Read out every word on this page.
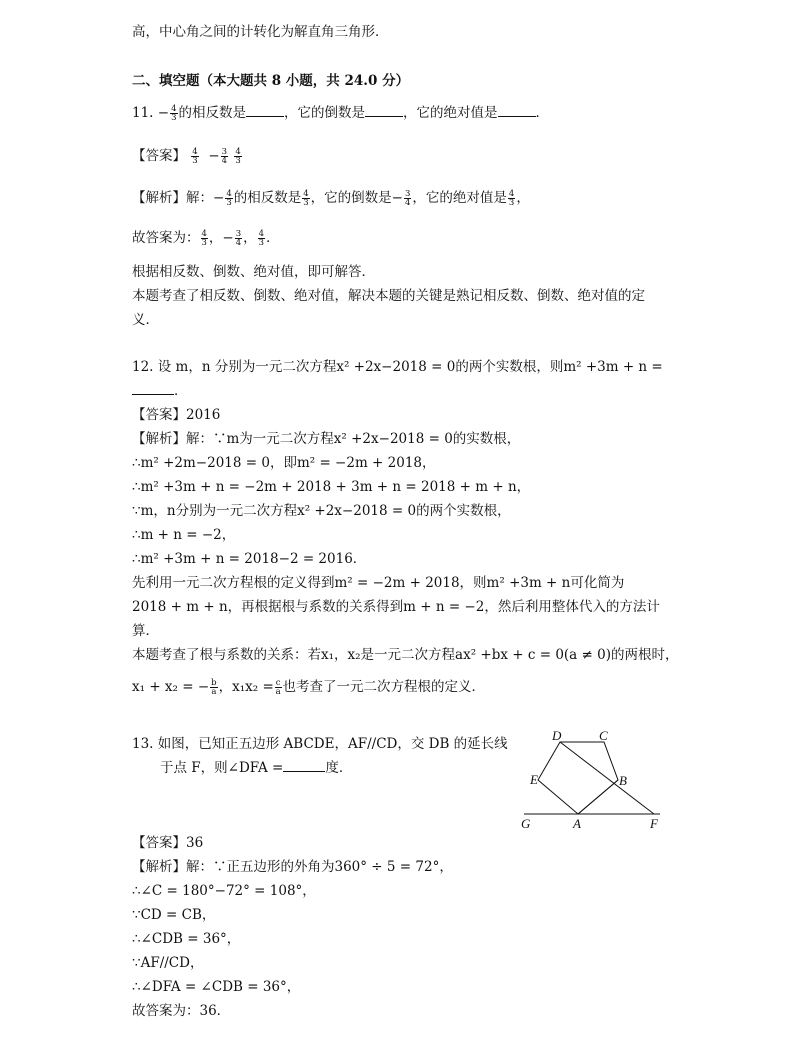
高，中心角之间的计转化为解直角三角形．
二、填空题（本大题共 8 小题，共 24.0 分）
11. − $\frac{4}{3}$ 的相反数是	，它的倒数是	，它的绝对值是	．
【答案】 $\frac{4}{3} - \frac{3}{4}$
$\frac{4}{3}$
【解析】解：− $\frac{4}{3}$ 的相反数是 $\frac{4}{3}$ ，它的倒数是− $\frac{3}{4}$ ，它的绝对值是 $\frac{4}{3}$ ，
故答案为： $\frac{4}{3}$ ，− $\frac{3}{4}$ ， $\frac{4}{3}$ ．
根据相反数、倒数、绝对值，即可解答．
本题考查了相反数、倒数、绝对值，解决本题的关键是熟记相反数、倒数、绝对值的定
义．
12. 设 m，n 分别为一元二次方程x² +2x−2018 = 0的两个实数根，则m² +3m + n =
．
【答案】2016
【解析】解：∵m为一元二次方程x² +2x−2018 = 0的实数根，
∴m² +2m−2018 = 0，即m² = −2m + 2018，
∴m² +3m + n = −2m + 2018 + 3m + n = 2018 + m + n，
∵m，n分别为一元二次方程x² +2x−2018 = 0的两个实数根，
∴m + n = −2，
∴m² +3m + n = 2018−2 = 2016．
先利用一元二次方程根的定义得到m² = −2m + 2018，则m² +3m + n可化简为
2018 + m + n，再根据根与系数的关系得到m + n = −2，然后利用整体代入的方法计
算．
本题考查了根与系数的关系：若x₁，x₂是一元二次方程ax² +bx + c = 0(a ≠ 0)的两根时，
x₁ + x₂ = − $\frac{b}{a}$ ，$x_1x_2 = \frac{c}{a}$ 也考查了一元二次方程根的定义．
13. 如图，已知正五边形 ABCDE，AF//CD，交 DB 的延长线
于点 F，则∠DFA =	度．
D	C
E	B
G	A	F
【答案】36
【解析】解：∵正五边形的外角为360° ÷ 5 = 72°，
∴∠C = 180°−72° = 108°，
∵CD = CB，
∴∠CDB = 36°，
∵AF//CD，
∴∠DFA = ∠CDB = 36°，
故答案为：36．
